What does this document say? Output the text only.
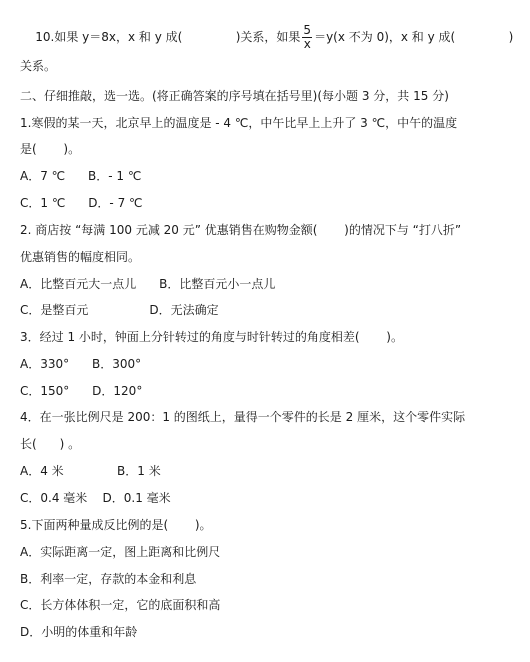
10.如果 y＝8x，x 和 y 成(              )关系，如果 $\frac{5}{x} =y(x$ 不为 0)，x 和 y 成(              )

关系。
二、仔细推敲，选一选。(将正确答案的序号填在括号里)(每小题 3 分，共 15 分)
1.寒假的某一天，北京早上的温度是 - 4 ℃，中午比早上上升了 3 ℃，中午的温度
是(       )。
A．7 ℃      B．- 1 ℃
C．1 ℃      D．- 7 ℃
2. 商店按 “每满 100 元减 20 元” 优惠销售在购物金额(       )的情况下与 “打八折”
优惠销售的幅度相同。
A．比整百元大一点儿      B．比整百元小一点儿
C．是整百元                D．无法确定
3．经过 1 小时，钟面上分针转过的角度与时针转过的角度相差(       )。
A．330°      B．300°
C．150°      D．120°
4．在一张比例尺是 200：1 的图纸上，量得一个零件的长是 2 厘米，这个零件实际
长(      ) 。
A．4 米              B．1 米
C．0.4 毫米    D．0.1 毫米
5.下面两种量成反比例的是(       )。
A．实际距离一定，图上距离和比例尺
B．利率一定，存款的本金和利息
C．长方体体积一定，它的底面积和高
D．小明的体重和年龄
